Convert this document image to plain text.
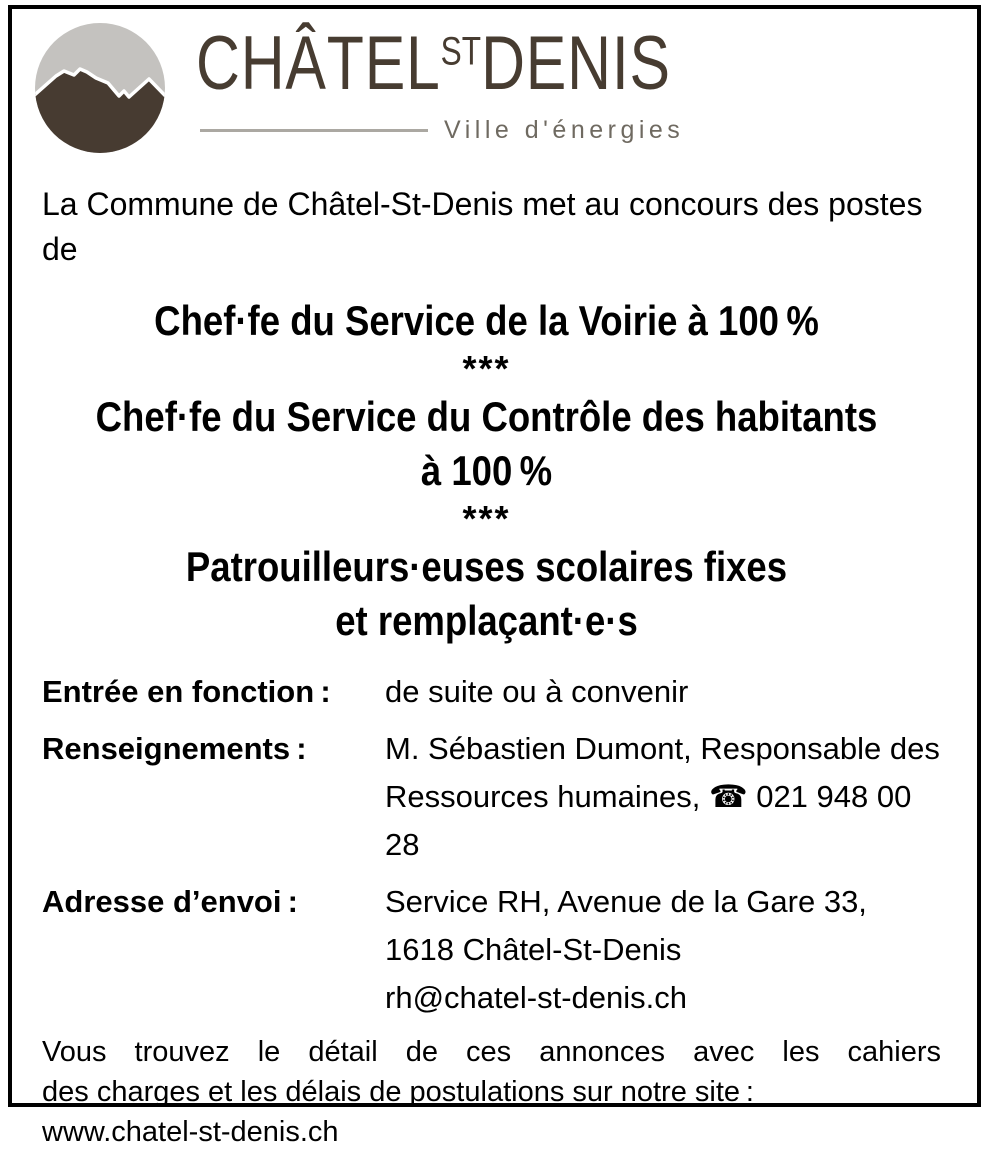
CHÂTELSTDENIS
Ville d'énergies

La Commune de Châtel-St-Denis met au concours des postes
de

Chef·fe du Service de la Voirie à 100 %
***
Chef·fe du Service du Contrôle des habitants
à 100 %
***
Patrouilleurs·euses scolaires fixes
et remplaçant·e·s
Entrée en fonction :	de suite ou à convenir
Renseignements :	M. Sébastien Dumont, Responsable des
Ressources humaines, ☎ 021 948 00 28
Adresse d’envoi :	Service RH, Avenue de la Gare 33,
1618 Châtel-St-Denis
rh@chatel-st-denis.ch

Vous trouvez le détail de ces annonces avec les cahiers
des charges et les délais de postulations sur notre site :
www.chatel-st-denis.ch
